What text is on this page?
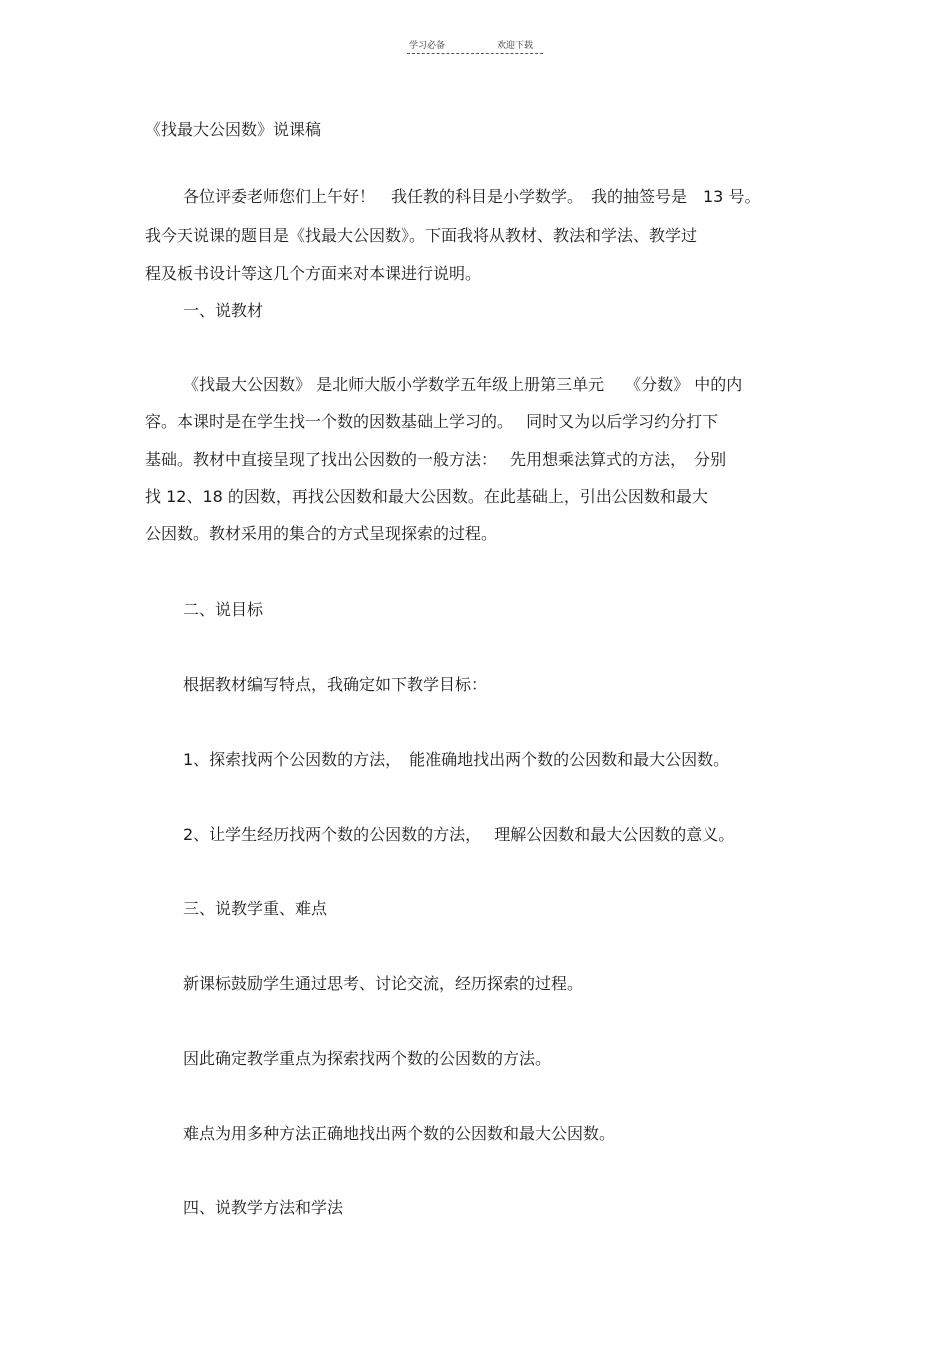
学习必备	欢迎下载
《找最大公因数》说课稿
各位评委老师您们上午好！　我任教的科目是小学数学。　我的抽签号是　13 号。
我今天说课的题目是《找最大公因数》。下面我将从教材、教法和学法、教学过
程及板书设计等这几个方面来对本课进行说明。
一、说教材
《找最大公因数》 是北师大版小学数学五年级上册第三单元　 《分数》 中的内
容。本课时是在学生找一个数的因数基础上学习的。　 同时又为以后学习约分打下
基础。教材中直接呈现了找出公因数的一般方法：　 先用想乘法算式的方法，　分别
找 12、18 的因数，再找公因数和最大公因数。在此基础上，引出公因数和最大
公因数。教材采用的集合的方式呈现探索的过程。
二、说目标
根据教材编写特点，我确定如下教学目标：
1、探索找两个公因数的方法，　能准确地找出两个数的公因数和最大公因数。
2、让学生经历找两个数的公因数的方法，　 理解公因数和最大公因数的意义。
三、说教学重、难点
新课标鼓励学生通过思考、讨论交流，经历探索的过程。
因此确定教学重点为探索找两个数的公因数的方法。
难点为用多种方法正确地找出两个数的公因数和最大公因数。
四、说教学方法和学法
